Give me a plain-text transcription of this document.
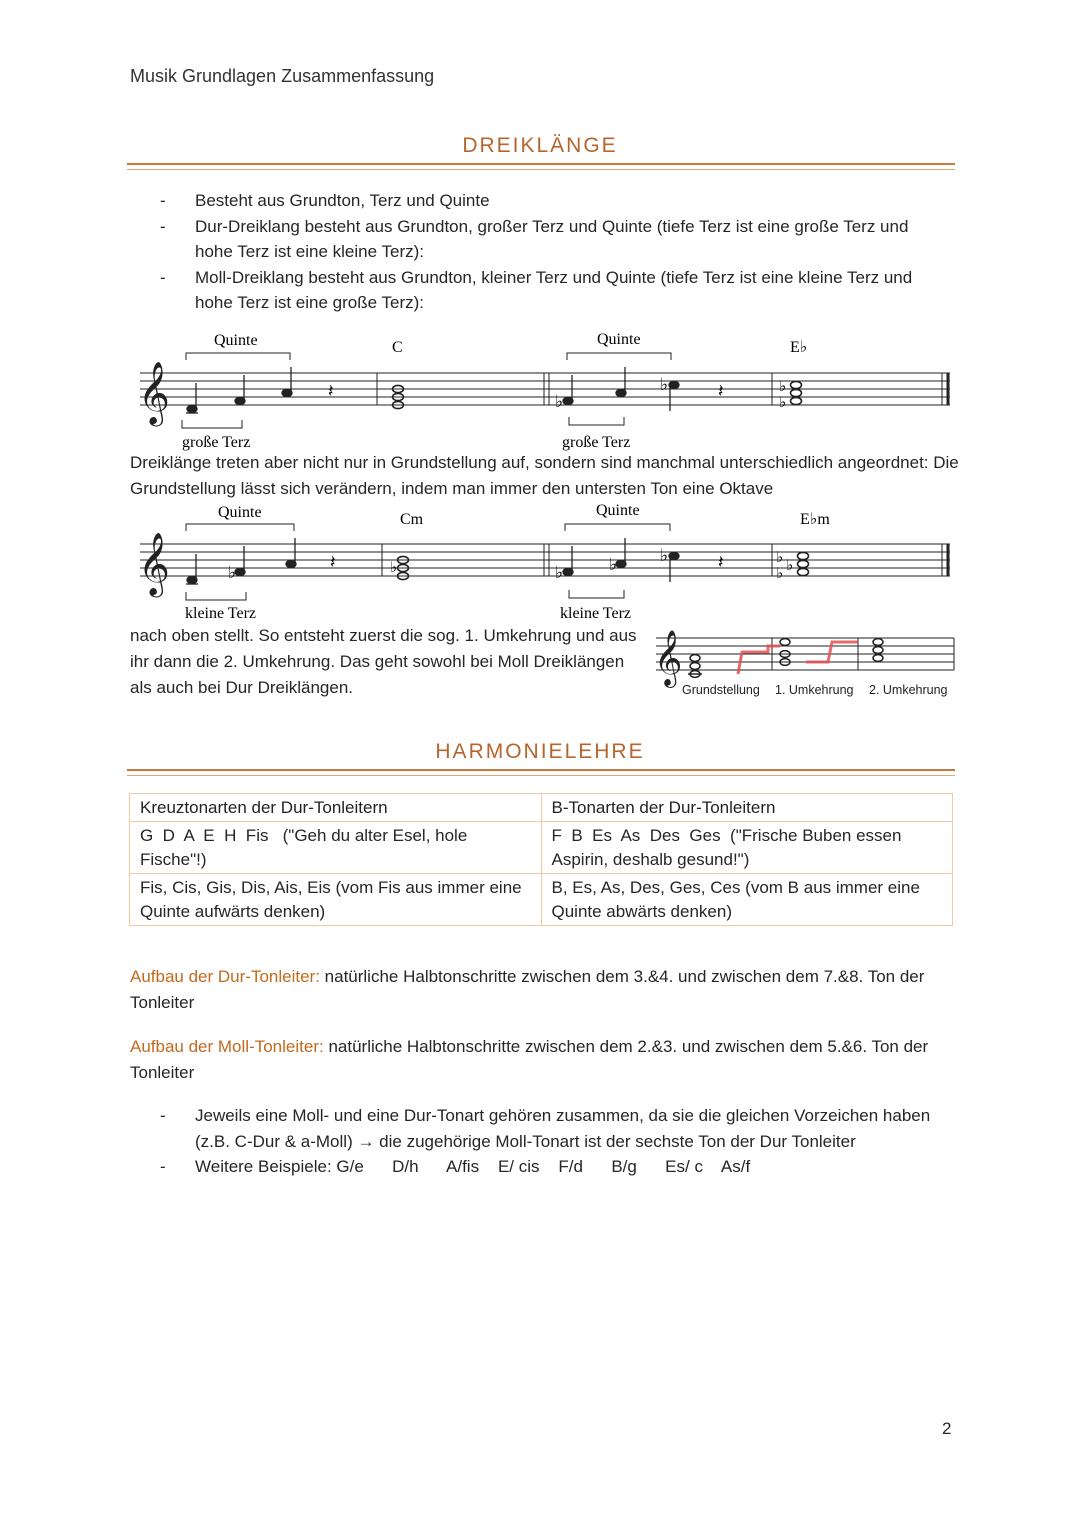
Musik Grundlagen Zusammenfassung
DREIKLÄNGE
-	Besteht aus Grundton, Terz und Quinte
-	Dur-Dreiklang besteht aus Grundton, großer Terz und Quinte (tiefe Terz ist eine große Terz und hohe Terz ist eine kleine Terz):
-	Moll-Dreiklang besteht aus Grundton, kleiner Terz und Quinte (tiefe Terz ist eine kleine Terz und hohe Terz ist eine große Terz):
𝄞
Quinte	C	Quinte	E♭
große Terz	große Terz
♭
♭
𝄽	𝄽	♭
♭
Dreiklänge treten aber nicht nur in Grundstellung auf, sondern sind manchmal unterschiedlich angeordnet: Die Grundstellung lässt sich verändern, indem man immer den untersten Ton eine Oktave
𝄞
Quinte	Cm
Quinte
E♭m
kleine Terz	kleine Terz
♭	♭	♭	♭
𝄽	𝄽
♭
♭ ♭
♭
nach oben stellt. So entsteht zuerst die sog. 1. Umkehrung und aus ihr dann die 2. Umkehrung. Das geht sowohl bei Moll Dreiklängen als auch bei Dur Dreiklängen.
𝄞
Grundstellung 1. Umkehrung 2. Umkehrung
HARMONIELEHRE
Kreuztonarten der Dur-Tonleitern	B-Tonarten der Dur-Tonleitern
G  D  A  E  H  Fis   ("Geh du alter Esel, hole Fische"!)	F  B  Es  As  Des  Ges  ("Frische Buben essen Aspirin, deshalb gesund!")
Fis, Cis, Gis, Dis, Ais, Eis (vom Fis aus immer eine Quinte aufwärts denken)	B, Es, As, Des, Ges, Ces (vom B aus immer eine Quinte abwärts denken)
Aufbau der Dur-Tonleiter: natürliche Halbtonschritte zwischen dem 3.&4. und zwischen dem 7.&8. Ton der Tonleiter
Aufbau der Moll-Tonleiter: natürliche Halbtonschritte zwischen dem 2.&3. und zwischen dem 5.&6. Ton der Tonleiter
-	Jeweils eine Moll- und eine Dur-Tonart gehören zusammen, da sie die gleichen Vorzeichen haben (z.B. C-Dur & a-Moll) → die zugehörige Moll-Tonart ist der sechste Ton der Dur Tonleiter
-	Weitere Beispiele: G/e      D/h      A/fis    E/ cis    F/d      B/g      Es/ c    As/f
2
